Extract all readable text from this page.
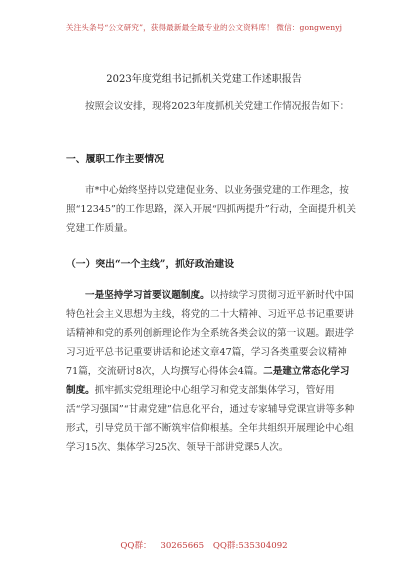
关注头条号“公文研究”，获得最新最全最专业的公文资料库！ 微信：gongwenyj
2023年度党组书记抓机关党建工作述职报告

按照会议安排，现将2023年度抓机关党建工作情况报告如下：

一、履职工作主要情况

市*中心始终坚持以党建促业务、以业务强党建的工作理念，按照“12345”的工作思路，深入开展“四抓两提升”行动，全面提升机关党建工作质量。

（一）突出“一个主线”，抓好政治建设

一是坚持学习首要议题制度。以持续学习贯彻习近平新时代中国特色社会主义思想为主线，将党的二十大精神、习近平总书记重要讲话精神和党的系列创新理论作为全系统各类会议的第一议题。跟进学习习近平总书记重要讲话和论述文章47篇，学习各类重要会议精神71篇，交流研讨8次，人均撰写心得体会4篇。二是建立常态化学习制度。抓牢抓实党组理论中心组学习和党支部集体学习，管好用活“学习强国”“甘肃党建”信息化平台，通过专家辅导党课宣讲等多种形式，引导党员干部不断筑牢信仰根基。全年共组织开展理论中心组学习15次、集体学习25次、领导干部讲党课5人次。

QQ群： 30265665 QQ群:535304092
